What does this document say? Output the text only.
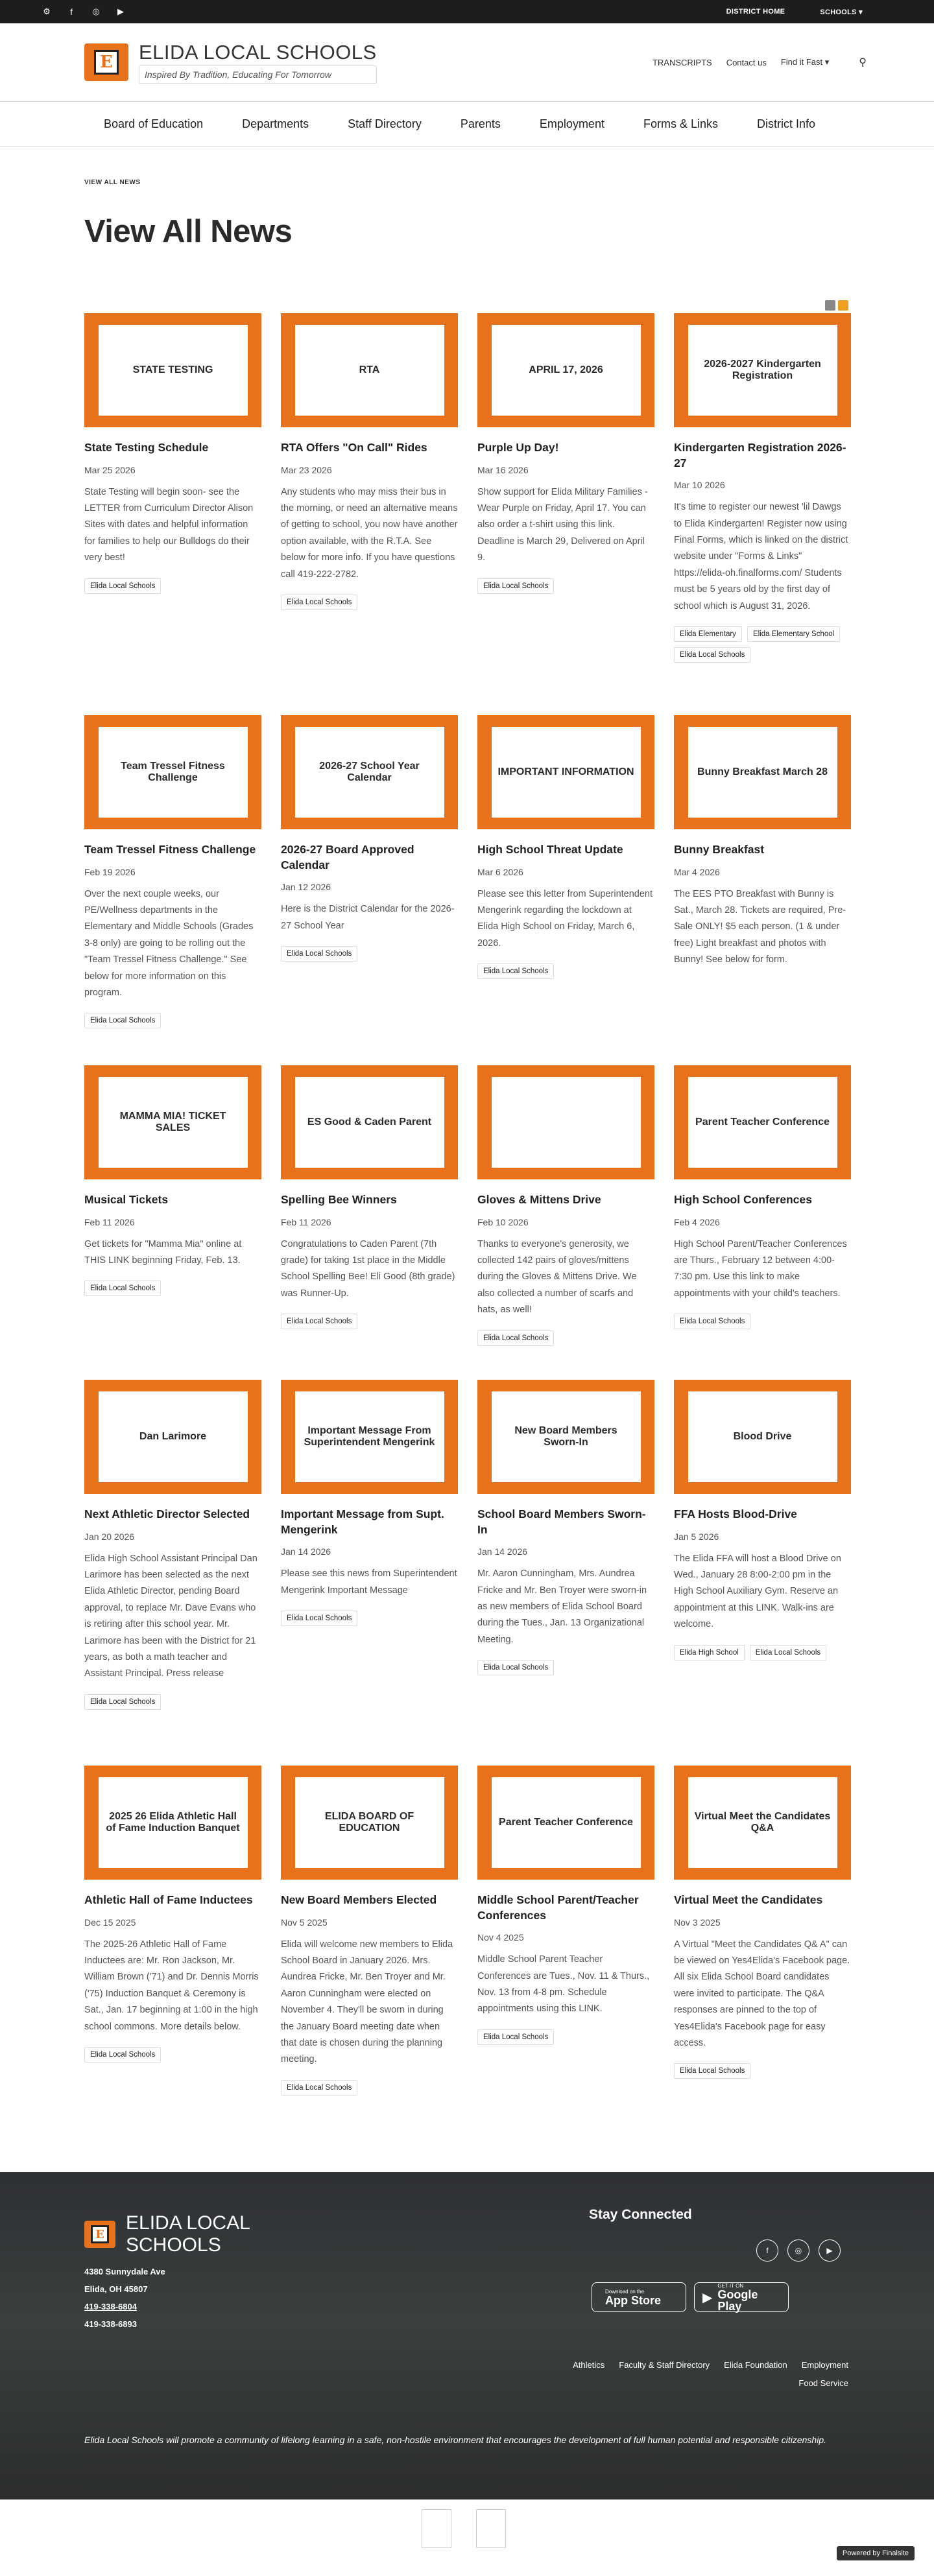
⚙	f	◎ ▶	DISTRICT HOME	SCHOOLS ▾
E ELIDA LOCAL SCHOOLS
Inspired By Tradition, Educating For Tomorrow
TRANSCRIPTS Contact us Find it Fast ▾	⚲
Board of Education	Departments	Staff Directory	Parents	Employment	Forms & Links	District Info
VIEW ALL NEWS
View All News
STATE TESTING
State Testing Schedule
Mar 25 2026
State Testing will begin soon- see the LETTER from Curriculum Director Alison Sites with dates and helpful information for families to help our Bulldogs do their very best!
Elida Local Schools
RTA
RTA Offers "On Call" Rides
Mar 23 2026
Any students who may miss their bus in the morning, or need an alternative means of getting to school, you now have another option available, with the R.T.A. See below for more info. If you have questions call 419-222-2782.
Elida Local Schools
APRIL 17, 2026
Purple Up Day!
Mar 16 2026
Show support for Elida Military Families -Wear Purple on Friday, April 17. You can also order a t-shirt using this link. Deadline is March 29, Delivered on April 9.
Elida Local Schools
2026-2027 Kindergarten Registration
Kindergarten Registration 2026-27
Mar 10 2026
It's time to register our newest 'lil Dawgs to Elida Kindergarten! Register now using Final Forms, which is linked on the district website under "Forms & Links" https://elida-oh.finalforms.com/ Students must be 5 years old by the first day of school which is August 31, 2026.
Elida Elementary	Elida Elementary School
Elida Local Schools
Team Tressel Fitness Challenge
Team Tressel Fitness Challenge
Feb 19 2026
Over the next couple weeks, our PE/Wellness departments in the Elementary and Middle Schools (Grades 3-8 only) are going to be rolling out the "Team Tressel Fitness Challenge." See below for more information on this program.
Elida Local Schools
2026-27 School Year Calendar
2026-27 Board Approved Calendar
Jan 12 2026
Here is the District Calendar for the 2026-27 School Year
Elida Local Schools
IMPORTANT INFORMATION
High School Threat Update
Mar 6 2026
Please see this letter from Superintendent Mengerink regarding the lockdown at Elida High School on Friday, March 6, 2026.
Elida Local Schools
Bunny Breakfast March 28
Bunny Breakfast
Mar 4 2026
The EES PTO Breakfast with Bunny is Sat., March 28. Tickets are required, Pre-Sale ONLY! $5 each person. (1 & under free) Light breakfast and photos with Bunny! See below for form.
MAMMA MIA! TICKET SALES
Musical Tickets
Feb 11 2026
Get tickets for "Mamma Mia" online at THIS LINK beginning Friday, Feb. 13.
Elida Local Schools
ES Good & Caden Parent
Spelling Bee Winners
Feb 11 2026
Congratulations to Caden Parent (7th grade) for taking 1st place in the Middle School Spelling Bee! Eli Good (8th grade) was Runner-Up.
Elida Local Schools
Gloves & Mittens Drive
Feb 10 2026
Thanks to everyone's generosity, we collected 142 pairs of gloves/mittens during the Gloves & Mittens Drive. We also collected a number of scarfs and hats, as well!
Elida Local Schools
Parent Teacher Conference
High School Conferences
Feb 4 2026
High School Parent/Teacher Conferences are Thurs., February 12 between 4:00-7:30 pm. Use this link to make appointments with your child's teachers.
Elida Local Schools
Dan Larimore
Next Athletic Director Selected
Jan 20 2026
Elida High School Assistant Principal Dan Larimore has been selected as the next Elida Athletic Director, pending Board approval, to replace Mr. Dave Evans who is retiring after this school year. Mr. Larimore has been with the District for 21 years, as both a math teacher and Assistant Principal. Press release
Elida Local Schools
Important Message From Superintendent Mengerink
Important Message from Supt. Mengerink
Jan 14 2026
Please see this news from Superintendent Mengerink Important Message
Elida Local Schools
New Board Members Sworn-In
School Board Members Sworn-In
Jan 14 2026
Mr. Aaron Cunningham, Mrs. Aundrea Fricke and Mr. Ben Troyer were sworn-in as new members of Elida School Board during the Tues., Jan. 13 Organizational Meeting.
Elida Local Schools
Blood Drive
FFA Hosts Blood-Drive
Jan 5 2026
The Elida FFA will host a Blood Drive on Wed., January 28 8:00-2:00 pm in the High School Auxiliary Gym. Reserve an appointment at this LINK. Walk-ins are welcome.
Elida High School	Elida Local Schools
2025 26 Elida Athletic Hall of Fame Induction Banquet
Athletic Hall of Fame Inductees
Dec 15 2025
The 2025-26 Athletic Hall of Fame Inductees are: Mr. Ron Jackson, Mr. William Brown ('71) and Dr. Dennis Morris ('75) Induction Banquet & Ceremony is Sat., Jan. 17 beginning at 1:00 in the high school commons. More details below.
Elida Local Schools
ELIDA BOARD OF EDUCATION
New Board Members Elected
Nov 5 2025
Elida will welcome new members to Elida School Board in January 2026. Mrs. Aundrea Fricke, Mr. Ben Troyer and Mr. Aaron Cunningham were elected on November 4. They'll be sworn in during the January Board meeting date when that date is chosen during the planning meeting.
Elida Local Schools
Parent Teacher Conference
Middle School Parent/Teacher Conferences
Nov 4 2025
Middle School Parent Teacher Conferences are Tues., Nov. 11 & Thurs., Nov. 13 from 4-8 pm. Schedule appointments using this LINK.
Elida Local Schools
Virtual Meet the Candidates Q&A
Virtual Meet the Candidates
Nov 3 2025
A Virtual "Meet the Candidates Q& A" can be viewed on Yes4Elida's Facebook page. All six Elida School Board candidates were invited to participate. The Q&A responses are pinned to the top of Yes4Elida's Facebook page for easy access.
Elida Local Schools
E
ELIDA LOCAL SCHOOLS
4380 Sunnydale Ave
Elida, OH 45807
419-338-6804
419-338-6893
Stay Connected
f	◎	▶
Download on the
App Store	▶
GET IT ON
Google Play
Athletics Faculty & Staff Directory Elida Foundation Employment
Food Service
Elida Local Schools will promote a community of lifelong learning in a safe, non-hostile environment that encourages the development of full human potential and responsible citizenship.
Powered by Finalsite
